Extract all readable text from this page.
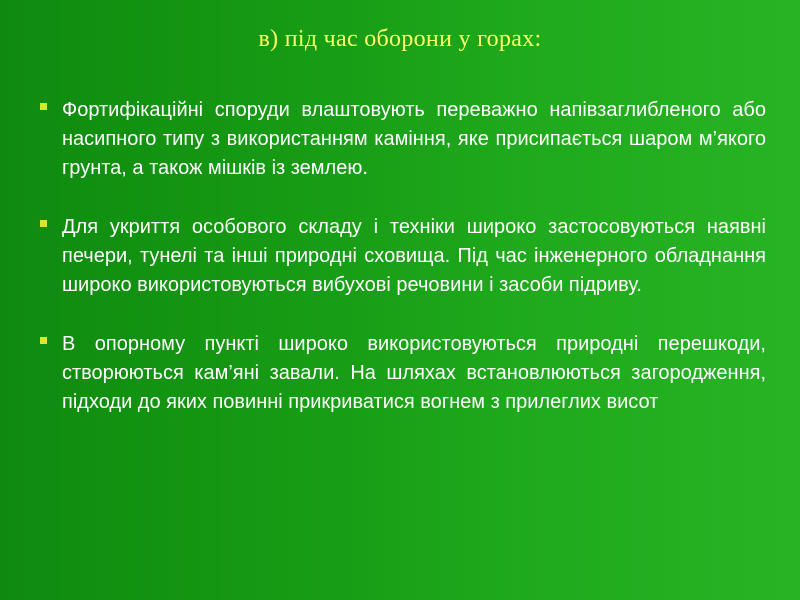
в) під час оборони у горах:
Фортифікаційні споруди влаштовують переважно напівзаглибленого або насипного типу з використанням каміння, яке присипається шаром м’якого грунта, а також мішків із землею.
Для укриття особового складу і техніки широко застосовуються наявні печери, тунелі та інші природні сховища. Під час інженерного обладнання широко використовуються вибухові речовини і засоби підриву.
В опорному пункті широко використовуються природні перешкоди, створюються кам’яні завали. На шляхах встановлюються загородження, підходи до яких повинні прикриватися вогнем з прилеглих висот
